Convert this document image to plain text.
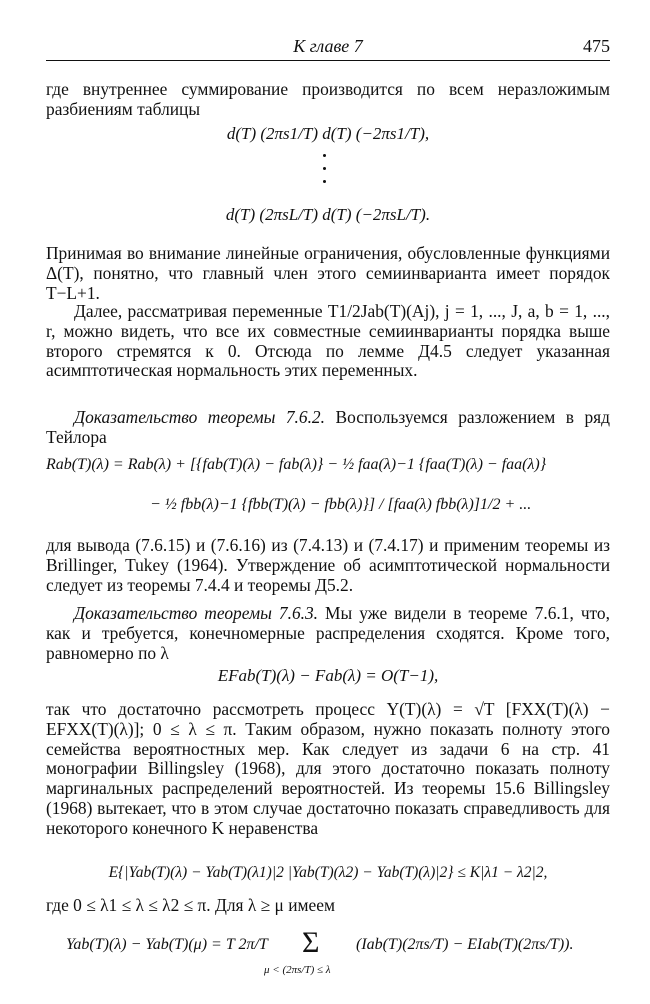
К главе 7	475

где внутреннее суммирование производится по всем неразложимым разбиениям таблицы

d(T) (2πs1/T) d(T) (−2πs1/T),
d(T) (2πsL/T) d(T) (−2πsL/T).

Принимая во внимание линейные ограничения, обусловленные функциями Δ(T), понятно, что главный член этого семиинварианта имеет порядок T−L+1.

Далее, рассматривая переменные T1/2Jab(T)(Aj), j = 1, ..., J, a, b = 1, ..., r, можно видеть, что все их совместные семиинварианты порядка выше второго стремятся к 0. Отсюда по лемме Д4.5 следует указанная асимптотическая нормальность этих переменных.

Доказательство теоремы 7.6.2. Воспользуемся разложением в ряд Тейлора

Rab(T)(λ) = Rab(λ) + [{fab(T)(λ) − fab(λ)} − ½ faa(λ)−1 {faa(T)(λ) − faa(λ)}
− ½ fbb(λ)−1 {fbb(T)(λ) − fbb(λ)}] / [faa(λ) fbb(λ)]1/2 + ...

для вывода (7.6.15) и (7.6.16) из (7.4.13) и (7.4.17) и применим теоремы из Brillinger, Tukey (1964). Утверждение об асимптотической нормальности следует из теоремы 7.4.4 и теоремы Д5.2.

Доказательство теоремы 7.6.3. Мы уже видели в теореме 7.6.1, что, как и требуется, конечномерные распределения сходятся. Кроме того, равномерно по λ

EFab(T)(λ) − Fab(λ) = O(T−1),

так что достаточно рассмотреть процесс Y(T)(λ) = √T [FXX(T)(λ) − EFXX(T)(λ)]; 0 ≤ λ ≤ π. Таким образом, нужно показать полноту этого семейства вероятностных мер. Как следует из задачи 6 на стр. 41 монографии Billingsley (1968), для этого достаточно показать полноту маргинальных распределений вероятностей. Из теоремы 15.6 Billingsley (1968) вытекает, что в этом случае достаточно показать справедливость для некоторого конечного K неравенства

E{|Yab(T)(λ) − Yab(T)(λ1)|2 |Yab(T)(λ2) − Yab(T)(λ)|2} ≤ K|λ1 − λ2|2,

где 0 ≤ λ1 ≤ λ ≤ λ2 ≤ π. Для λ ≥ μ имеем

Yab(T)(λ) − Yab(T)(μ) = T 2π/T Σ
μ < (2πs/T) ≤ λ
(Iab(T)(2πs/T) − EIab(T)(2πs/T)).
